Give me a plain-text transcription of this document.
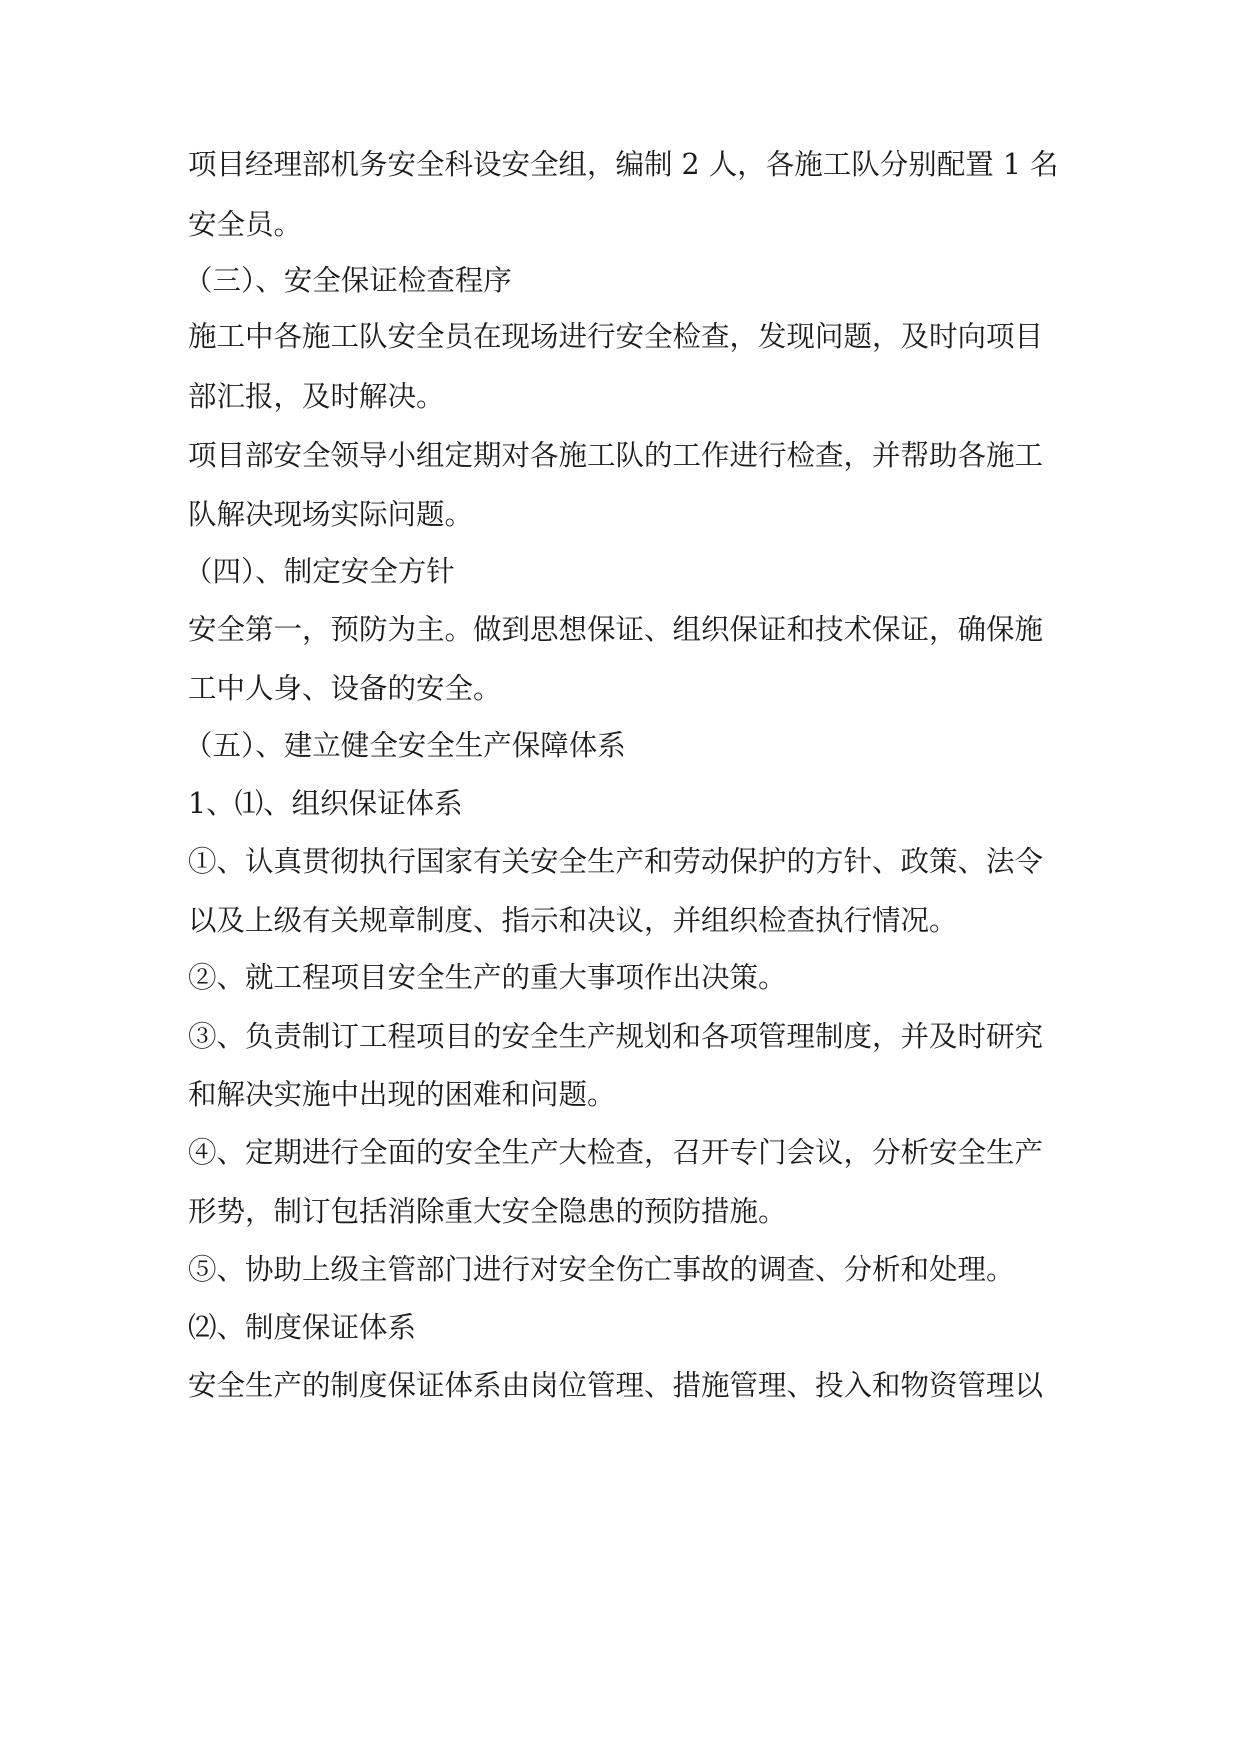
项目经理部机务安全科设安全组，编制 2 人，各施工队分别配置 1 名
安全员。
（三）、安全保证检查程序
施工中各施工队安全员在现场进行安全检查，发现问题，及时向项目
部汇报，及时解决。
项目部安全领导小组定期对各施工队的工作进行检查，并帮助各施工
队解决现场实际问题。
（四）、制定安全方针
安全第一，预防为主。做到思想保证、组织保证和技术保证，确保施
工中人身、设备的安全。
（五）、建立健全安全生产保障体系
1、⑴、组织保证体系
①、认真贯彻执行国家有关安全生产和劳动保护的方针、政策、法令
以及上级有关规章制度、指示和决议，并组织检查执行情况。
②、就工程项目安全生产的重大事项作出决策。
③、负责制订工程项目的安全生产规划和各项管理制度，并及时研究
和解决实施中出现的困难和问题。
④、定期进行全面的安全生产大检查，召开专门会议，分析安全生产
形势，制订包括消除重大安全隐患的预防措施。
⑤、协助上级主管部门进行对安全伤亡事故的调查、分析和处理。
⑵、制度保证体系
安全生产的制度保证体系由岗位管理、措施管理、投入和物资管理以
